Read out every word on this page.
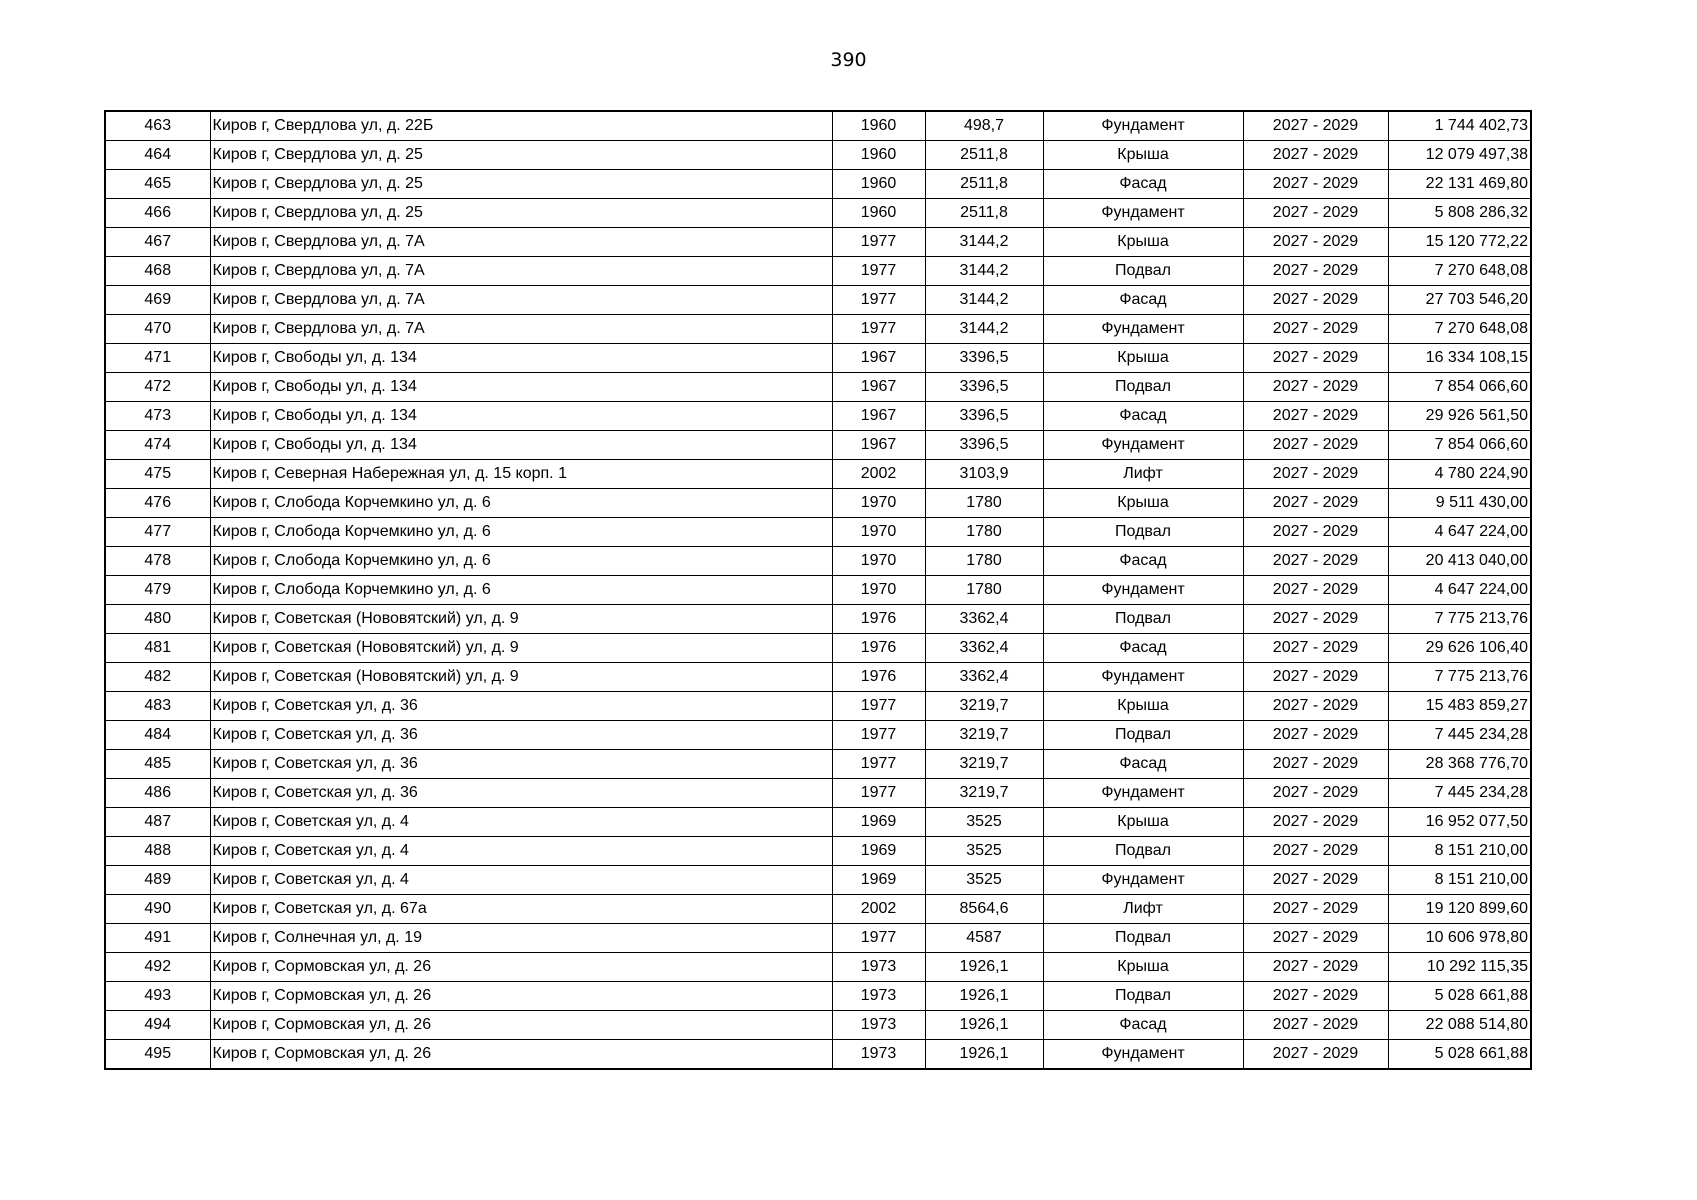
390
463	Киров г, Свердлова ул, д. 22Б	1960	498,7	Фундамент	2027 - 2029	1 744 402,73
464	Киров г, Свердлова ул, д. 25	1960	2511,8	Крыша	2027 - 2029	12 079 497,38
465	Киров г, Свердлова ул, д. 25	1960	2511,8	Фасад	2027 - 2029	22 131 469,80
466	Киров г, Свердлова ул, д. 25	1960	2511,8	Фундамент	2027 - 2029	5 808 286,32
467	Киров г, Свердлова ул, д. 7А	1977	3144,2	Крыша	2027 - 2029	15 120 772,22
468	Киров г, Свердлова ул, д. 7А	1977	3144,2	Подвал	2027 - 2029	7 270 648,08
469	Киров г, Свердлова ул, д. 7А	1977	3144,2	Фасад	2027 - 2029	27 703 546,20
470	Киров г, Свердлова ул, д. 7А	1977	3144,2	Фундамент	2027 - 2029	7 270 648,08
471	Киров г, Свободы ул, д. 134	1967	3396,5	Крыша	2027 - 2029	16 334 108,15
472	Киров г, Свободы ул, д. 134	1967	3396,5	Подвал	2027 - 2029	7 854 066,60
473	Киров г, Свободы ул, д. 134	1967	3396,5	Фасад	2027 - 2029	29 926 561,50
474	Киров г, Свободы ул, д. 134	1967	3396,5	Фундамент	2027 - 2029	7 854 066,60
475	Киров г, Северная Набережная ул, д. 15 корп. 1	2002	3103,9	Лифт	2027 - 2029	4 780 224,90
476	Киров г, Слобода Корчемкино ул, д. 6	1970	1780	Крыша	2027 - 2029	9 511 430,00
477	Киров г, Слобода Корчемкино ул, д. 6	1970	1780	Подвал	2027 - 2029	4 647 224,00
478	Киров г, Слобода Корчемкино ул, д. 6	1970	1780	Фасад	2027 - 2029	20 413 040,00
479	Киров г, Слобода Корчемкино ул, д. 6	1970	1780	Фундамент	2027 - 2029	4 647 224,00
480	Киров г, Советская (Нововятский) ул, д. 9	1976	3362,4	Подвал	2027 - 2029	7 775 213,76
481	Киров г, Советская (Нововятский) ул, д. 9	1976	3362,4	Фасад	2027 - 2029	29 626 106,40
482	Киров г, Советская (Нововятский) ул, д. 9	1976	3362,4	Фундамент	2027 - 2029	7 775 213,76
483	Киров г, Советская ул, д. 36	1977	3219,7	Крыша	2027 - 2029	15 483 859,27
484	Киров г, Советская ул, д. 36	1977	3219,7	Подвал	2027 - 2029	7 445 234,28
485	Киров г, Советская ул, д. 36	1977	3219,7	Фасад	2027 - 2029	28 368 776,70
486	Киров г, Советская ул, д. 36	1977	3219,7	Фундамент	2027 - 2029	7 445 234,28
487	Киров г, Советская ул, д. 4	1969	3525	Крыша	2027 - 2029	16 952 077,50
488	Киров г, Советская ул, д. 4	1969	3525	Подвал	2027 - 2029	8 151 210,00
489	Киров г, Советская ул, д. 4	1969	3525	Фундамент	2027 - 2029	8 151 210,00
490	Киров г, Советская ул, д. 67а	2002	8564,6	Лифт	2027 - 2029	19 120 899,60
491	Киров г, Солнечная ул, д. 19	1977	4587	Подвал	2027 - 2029	10 606 978,80
492	Киров г, Сормовская ул, д. 26	1973	1926,1	Крыша	2027 - 2029	10 292 115,35
493	Киров г, Сормовская ул, д. 26	1973	1926,1	Подвал	2027 - 2029	5 028 661,88
494	Киров г, Сормовская ул, д. 26	1973	1926,1	Фасад	2027 - 2029	22 088 514,80
495	Киров г, Сормовская ул, д. 26	1973	1926,1	Фундамент	2027 - 2029	5 028 661,88
